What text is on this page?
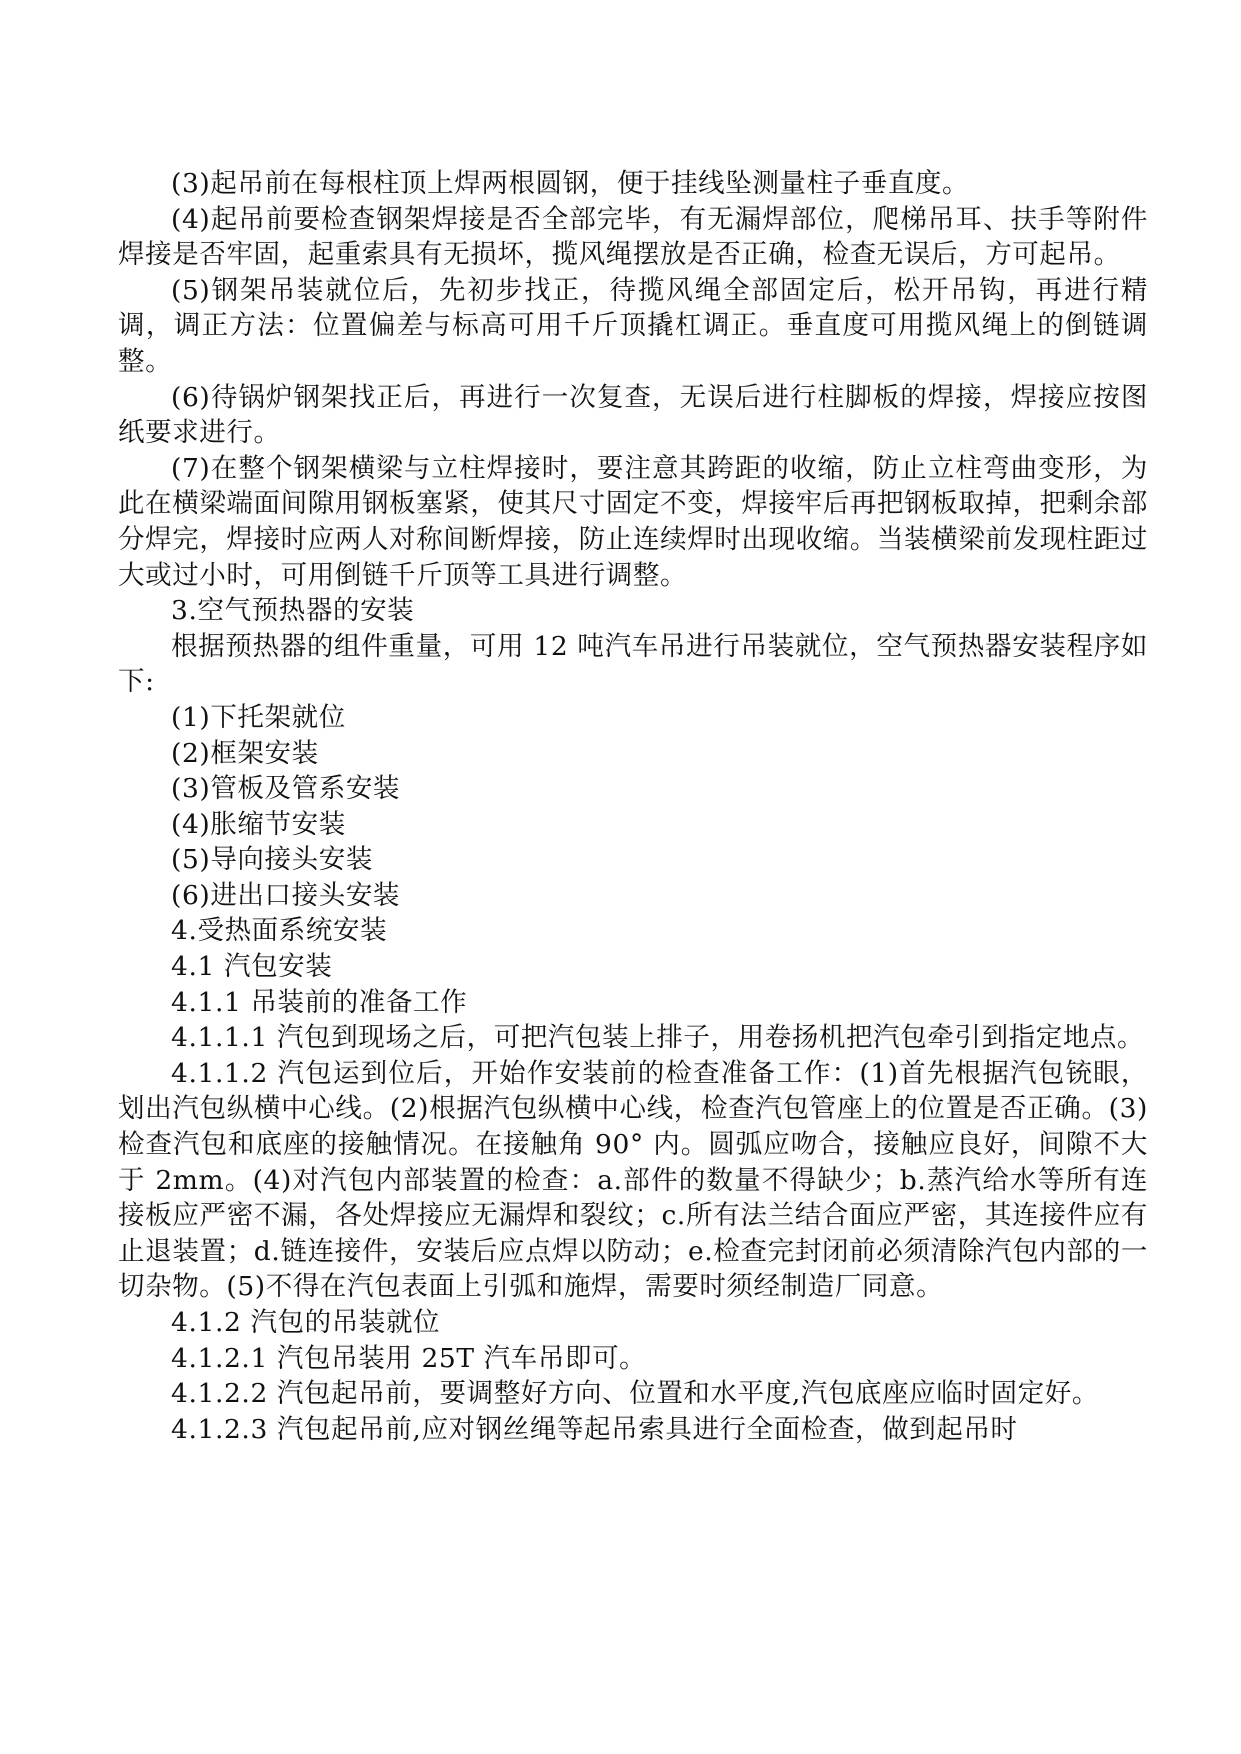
(3)起吊前在每根柱顶上焊两根圆钢，便于挂线坠测量柱子垂直度。

(4)起吊前要检查钢架焊接是否全部完毕，有无漏焊部位，爬梯吊耳、扶手等附件焊接是否牢固，起重索具有无损坏，揽风绳摆放是否正确，检查无误后，方可起吊。

(5)钢架吊装就位后，先初步找正，待揽风绳全部固定后，松开吊钩，再进行精调，调正方法：位置偏差与标高可用千斤顶撬杠调正。垂直度可用揽风绳上的倒链调整。

(6)待锅炉钢架找正后，再进行一次复查，无误后进行柱脚板的焊接，焊接应按图纸要求进行。

(7)在整个钢架横梁与立柱焊接时，要注意其跨距的收缩，防止立柱弯曲变形，为此在横梁端面间隙用钢板塞紧，使其尺寸固定不变，焊接牢后再把钢板取掉，把剩余部分焊完，焊接时应两人对称间断焊接，防止连续焊时出现收缩。当装横梁前发现柱距过大或过小时，可用倒链千斤顶等工具进行调整。

3.空气预热器的安装

根据预热器的组件重量，可用 12 吨汽车吊进行吊装就位，空气预热器安装程序如下:

(1)下托架就位

(2)框架安装

(3)管板及管系安装

(4)胀缩节安装

(5)导向接头安装

(6)进出口接头安装

4.受热面系统安装

4.1 汽包安装

4.1.1 吊装前的准备工作

4.1.1.1 汽包到现场之后，可把汽包装上排子，用卷扬机把汽包牵引到指定地点。

4.1.1.2 汽包运到位后，开始作安装前的检查准备工作：(1)首先根据汽包铳眼，划出汽包纵横中心线。(2)根据汽包纵横中心线，检查汽包管座上的位置是否正确。(3)检查汽包和底座的接触情况。在接触角 90° 内。圆弧应吻合，接触应良好，间隙不大于 2mm。(4)对汽包内部装置的检查：a.部件的数量不得缺少；b.蒸汽给水等所有连接板应严密不漏，各处焊接应无漏焊和裂纹；c.所有法兰结合面应严密，其连接件应有止退装置；d.链连接件，安装后应点焊以防动；e.检查完封闭前必须清除汽包内部的一切杂物。(5)不得在汽包表面上引弧和施焊，需要时须经制造厂同意。

4.1.2 汽包的吊装就位

4.1.2.1 汽包吊装用 25T 汽车吊即可。

4.1.2.2 汽包起吊前，要调整好方向、位置和水平度,汽包底座应临时固定好。

4.1.2.3 汽包起吊前,应对钢丝绳等起吊索具进行全面检查，做到起吊时
